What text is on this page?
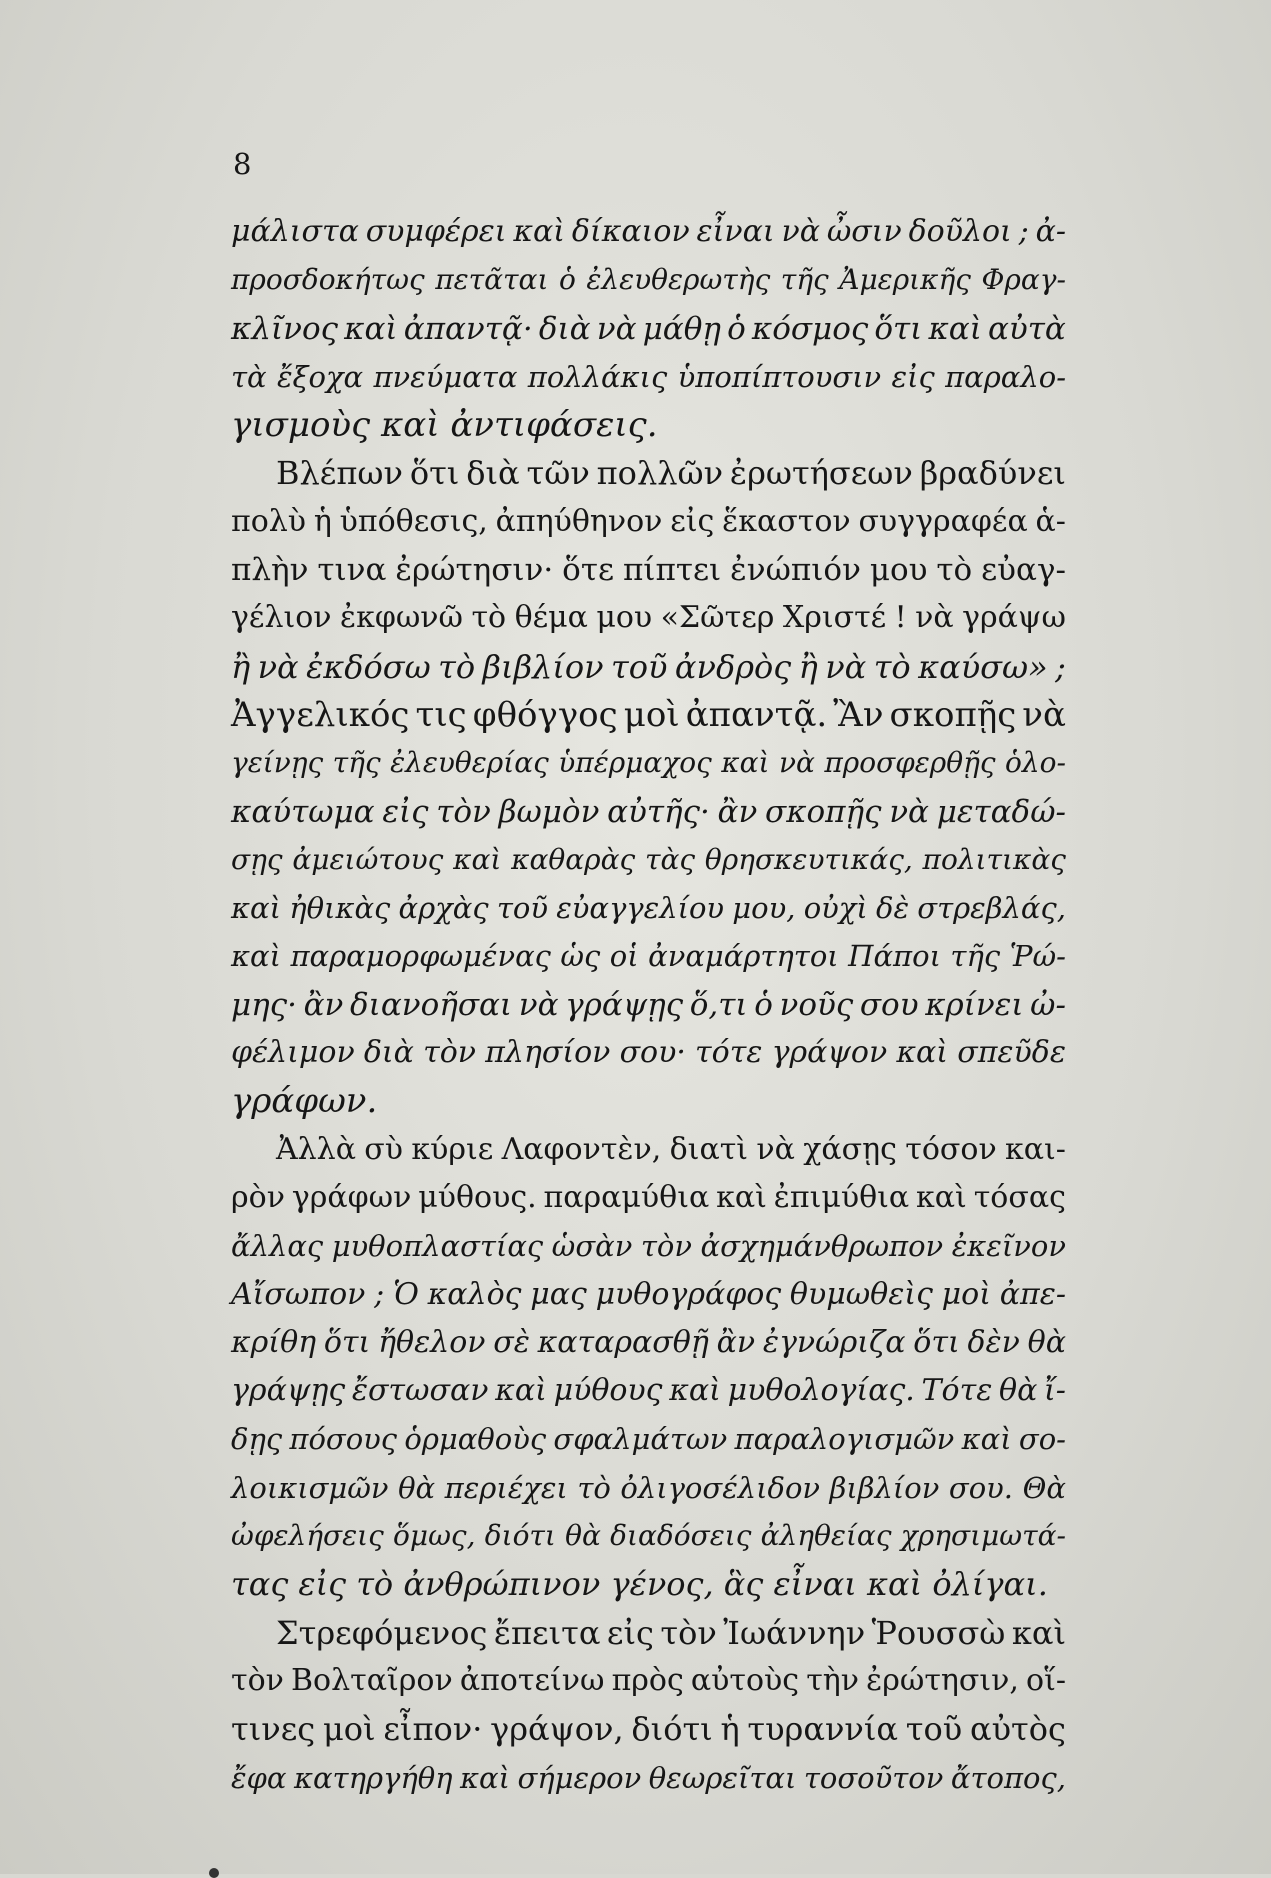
8
μάλιστα συμφέρει καὶ δίκαιον εἶναι νὰ ὦσιν δοῦλοι ; ἀ-
προσδοκήτως πετᾶται ὁ ἐλευθερωτὴς τῆς Ἀμερικῆς Φραγ-
κλῖνος καὶ ἀπαντᾷ· διὰ νὰ μάθῃ ὁ κόσμος ὅτι καὶ αὐτὰ
τὰ ἔξοχα πνεύματα πολλάκις ὑποπίπτουσιν εἰς παραλο-
γισμοὺς καὶ ἀντιφάσεις.
Βλέπων ὅτι διὰ τῶν πολλῶν ἐρωτήσεων βραδύνει
πολὺ ἡ ὑπόθεσις, ἀπηύθηνον εἰς ἕκαστον συγγραφέα ἁ-
πλὴν τινα ἐρώτησιν· ὅτε πίπτει ἐνώπιόν μου τὸ εὐαγ-
γέλιον ἐκφωνῶ τὸ θέμα μου «Σῶτερ Χριστέ ! νὰ γράψω
ἢ νὰ ἐκδόσω τὸ βιβλίον τοῦ ἀνδρὸς ἢ νὰ τὸ καύσω» ;
Ἀγγελικός τις φθόγγος μοὶ ἀπαντᾷ. Ἂν σκοπῇς νὰ
γείνῃς τῆς ἐλευθερίας ὑπέρμαχος καὶ νὰ προσφερθῇς ὁλο-
καύτωμα εἰς τὸν βωμὸν αὐτῆς· ἂν σκοπῇς νὰ μεταδώ-
σῃς ἀμειώτους καὶ καθαρὰς τὰς θρησκευτικάς, πολιτικὰς
καὶ ἠθικὰς ἀρχὰς τοῦ εὐαγγελίου μου, οὐχὶ δὲ στρεβλάς,
καὶ παραμορφωμένας ὡς οἱ ἀναμάρτητοι Πάποι τῆς Ῥώ-
μης· ἂν διανοῆσαι νὰ γράψῃς ὅ,τι ὁ νοῦς σου κρίνει ὠ-
φέλιμον διὰ τὸν πλησίον σου· τότε γράψον καὶ σπεῦδε
γράφων.
Ἀλλὰ σὺ κύριε Λαφοντὲν, διατὶ νὰ χάσῃς τόσον και-
ρὸν γράφων μύθους. παραμύθια καὶ ἐπιμύθια καὶ τόσας
ἄλλας μυθοπλαστίας ὡσὰν τὸν ἀσχημάνθρωπον ἐκεῖνον
Αἴσωπον ; Ὁ καλὸς μας μυθογράφος θυμωθεὶς μοὶ ἀπε-
κρίθη ὅτι ἤθελον σὲ καταρασθῇ ἂν ἐγνώριζα ὅτι δὲν θὰ
γράψῃς ἔστωσαν καὶ μύθους καὶ μυθολογίας. Τότε θὰ ἴ-
δῃς πόσους ὁρμαθοὺς σφαλμάτων παραλογισμῶν καὶ σο-
λοικισμῶν θὰ περιέχει τὸ ὀλιγοσέλιδον βιβλίον σου. Θὰ
ὠφελήσεις ὅμως, διότι θὰ διαδόσεις ἀληθείας χρησιμωτά-
τας εἰς τὸ ἀνθρώπινον γένος, ἃς εἶναι καὶ ὀλίγαι.
Στρεφόμενος ἔπειτα εἰς τὸν Ἰωάννην Ῥουσσὼ καὶ
τὸν Βολταῖρον ἀποτείνω πρὸς αὐτοὺς τὴν ἐρώτησιν, οἵ-
τινες μοὶ εἶπον· γράψον, διότι ἡ τυραννία τοῦ αὐτὸς
ἔφα κατηργήθη καὶ σήμερον θεωρεῖται τοσοῦτον ἄτοπος,
